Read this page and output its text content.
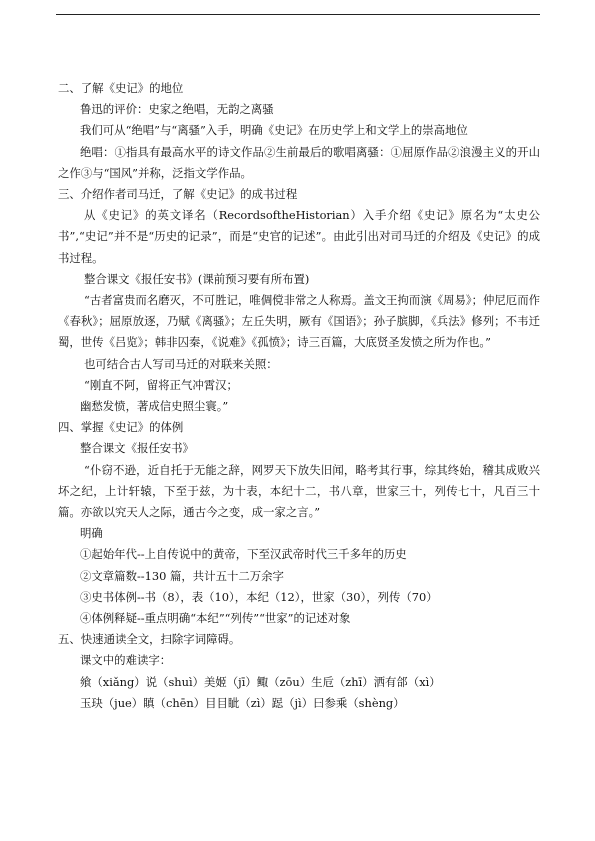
二、了解《史记》的地位
鲁迅的评价：史家之绝唱，无韵之离骚
我们可从“绝唱”与“离骚”入手，明确《史记》在历史学上和文学上的崇高地位
绝唱：①指具有最高水平的诗文作品②生前最后的歌唱离骚：①屈原作品②浪漫主义的开山之作③与“国风”并称，泛指文学作品。
三、介绍作者司马迁，了解《史记》的成书过程
从《史记》的英文译名（RecordsoftheHistorian）入手介绍《史记》原名为“太史公书”,“史记”并不是“历史的记录”，而是“史官的记述”。由此引出对司马迁的介绍及《史记》的成书过程。
整合课文《报任安书》(课前预习要有所布置)
“古者富贵而名磨灭，不可胜记，唯倜傥非常之人称焉。盖文王拘而演《周易》；仲尼厄而作《春秋》；屈原放逐，乃赋《离骚》；左丘失明，厥有《国语》；孙子膑脚，《兵法》修列；不韦迁蜀，世传《吕览》；韩非囚秦，《说难》《孤愤》；诗三百篇，大底贤圣发愤之所为作也。”
也可结合古人写司马迁的对联来关照：
“刚直不阿，留将正气冲霄汉；
幽愁发愤，著成信史照尘寰。”
四、掌握《史记》的体例
整合课文《报任安书》
“仆窃不逊，近自托于无能之辞，网罗天下放失旧闻，略考其行事，综其终始，稽其成败兴坏之纪，上计轩辕，下至于兹，为十表，本纪十二，书八章，世家三十，列传七十，凡百三十篇。亦欲以究天人之际，通古今之变，成一家之言。”
明确
①起始年代--上自传说中的黄帝，下至汉武帝时代三千多年的历史
②文章篇数--130 篇，共计五十二万余字
③史书体例--书（8），表（10），本纪（12），世家（30），列传（70）
④体例释疑--重点明确“本纪”“列传”“世家”的记述对象
五、快速通读全文，扫除字词障碍。
课文中的难读字：
飨（xiǎng）说（shuì）美姬（jī）鲰（zōu）生卮（zhī）洒有郃（xì）
玉玦（jue）瞋（chēn）目目眦（zì）跽（jì）曰参乘（shèng）
